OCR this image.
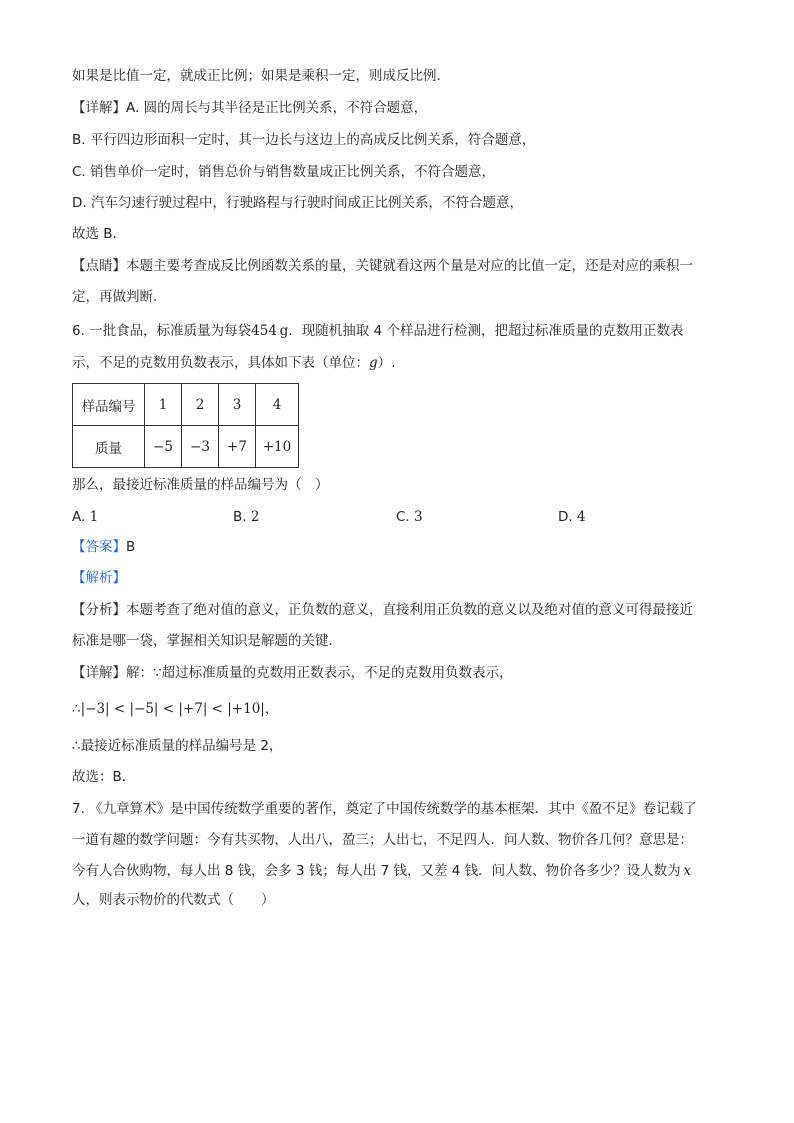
如果是比值一定，就成正比例；如果是乘积一定，则成反比例．
【详解】A. 圆的周长与其半径是正比例关系，不符合题意，
B. 平行四边形面积一定时，其一边长与这边上的高成反比例关系，符合题意，
C. 销售单价一定时，销售总价与销售数量成正比例关系，不符合题意，
D. 汽车匀速行驶过程中，行驶路程与行驶时间成正比例关系，不符合题意，
故选 B．
【点睛】本题主要考查成反比例函数关系的量，关键就看这两个量是对应的比值一定，还是对应的乘积一
定，再做判断．
6. 一批食品，标准质量为每袋454  g．现随机抽取 4 个样品进行检测，把超过标准质量的克数用正数表
示，不足的克数用负数表示，具体如下表（单位：g）.
样品编号	1	2	3	4
质量	−5	−3	+7	+10
那么，最接近标准质量的样品编号为（　）
A. 1	B. 2	C. 3	D. 4
【答案】B
【解析】
【分析】本题考查了绝对值的意义，正负数的意义，直接利用正负数的意义以及绝对值的意义可得最接近
标准是哪一袋，掌握相关知识是解题的关键．
【详解】解：∵超过标准质量的克数用正数表示，不足的克数用负数表示，
∴|−3| < |−5| < |+7| < |+10|，
∴最接近标准质量的样品编号是 2，
故选：B．
7. 《九章算术》是中国传统数学重要的著作，奠定了中国传统数学的基本框架．其中《盈不足》卷记载了
一道有趣的数学问题：今有共买物，人出八，盈三；人出七，不足四人．问人数、物价各几何？意思是：
今有人合伙购物，每人出 8 钱，会多 3 钱；每人出 7 钱，又差 4 钱．问人数、物价各多少？设人数为  x
人，则表示物价的代数式（　　）
